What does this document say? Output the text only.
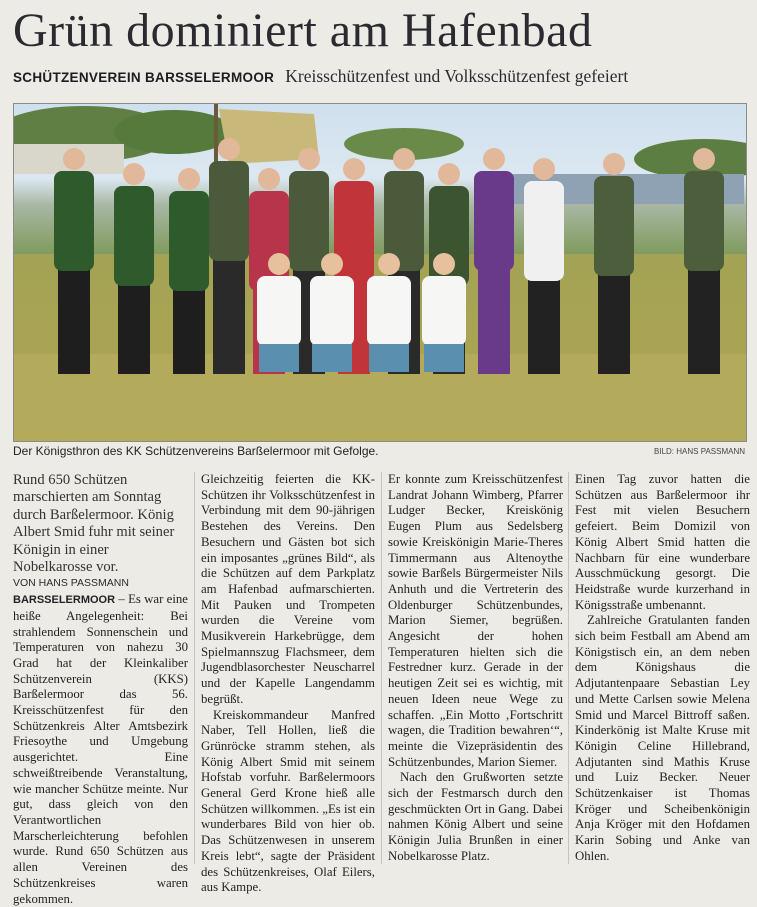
Grün dominiert am Hafenbad
SCHÜTZENVEREIN BARSSELERMOOR Kreisschützenfest und Volksschützenfest gefeiert
Der Königsthron des KK Schützenvereins Barßelermoor mit Gefolge.	BILD: HANS PASSMANN

Rund 650 Schützen marschierten am Sonntag durch Barßelermoor. König Albert Smid fuhr mit seiner Königin in einer Nobelkarosse vor.

VON HANS PASSMANN

BARSSELERMOOR – Es war eine heiße Angelegenheit: Bei strahlendem Sonnenschein und Temperaturen von nahezu 30 Grad hat der Kleinkaliber Schützenverein (KKS) Barßelermoor das 56. Kreisschützenfest für den Schützenkreis Alter Amtsbezirk Friesoythe und Umgebung ausgerichtet. Eine schweißtreibende Veranstaltung, wie mancher Schütze meinte. Nur gut, dass gleich von den Verantwortlichen Marscherleichterung befohlen wurde. Rund 650 Schützen aus allen Vereinen des Schützenkreises waren gekommen.

Gleichzeitig feierten die KK-Schützen ihr Volksschützenfest in Verbindung mit dem 90-jährigen Bestehen des Vereins. Den Besuchern und Gästen bot sich ein imposantes „grünes Bild“, als die Schützen auf dem Parkplatz am Hafenbad aufmarschierten. Mit Pauken und Trompeten wurden die Vereine vom Musikverein Harkebrügge, dem Spielmannszug Flachsmeer, dem Jugendblasorchester Neuscharrel und der Kapelle Langendamm begrüßt.

Kreiskommandeur Manfred Naber, Tell Hollen, ließ die Grünröcke stramm stehen, als König Albert Smid mit seinem Hofstab vorfuhr. Barßelermoors General Gerd Krone hieß alle Schützen willkommen. „Es ist ein wunderbares Bild von hier ob. Das Schützenwesen in unserem Kreis lebt“, sagte der Präsident des Schützenkreises, Olaf Eilers, aus Kampe.

Er konnte zum Kreisschützenfest Landrat Johann Wimberg, Pfarrer Ludger Becker, Kreiskönig Eugen Plum aus Sedelsberg sowie Kreiskönigin Marie-Theres Timmermann aus Altenoythe sowie Barßels Bürgermeister Nils Anhuth und die Vertreterin des Oldenburger Schützenbundes, Marion Siemer, begrüßen. Angesicht der hohen Temperaturen hielten sich die Festredner kurz. Gerade in der heutigen Zeit sei es wichtig, mit neuen Ideen neue Wege zu schaffen. „Ein Motto ‚Fortschritt wagen, die Tradition bewahren‘“, meinte die Vizepräsidentin des Schützenbundes, Marion Siemer.

Nach den Grußworten setzte sich der Festmarsch durch den geschmückten Ort in Gang. Dabei nahmen König Albert und seine Königin Julia Brunßen in einer Nobelkarosse Platz.

Einen Tag zuvor hatten die Schützen aus Barßelermoor ihr Fest mit vielen Besuchern gefeiert. Beim Domizil von König Albert Smid hatten die Nachbarn für eine wunderbare Ausschmückung gesorgt. Die Heidstraße wurde kurzerhand in Königsstraße umbenannt.

Zahlreiche Gratulanten fanden sich beim Festball am Abend am Königstisch ein, an dem neben dem Königshaus die Adjutantenpaare Sebastian Ley und Mette Carlsen sowie Melena Smid und Marcel Bittroff saßen. Kinderkönig ist Malte Kruse mit Königin Celine Hillebrand, Adjutanten sind Mathis Kruse und Luiz Becker. Neuer Schützenkaiser ist Thomas Kröger und Scheibenkönigin Anja Kröger mit den Hofdamen Karin Sobing und Anke van Ohlen.
